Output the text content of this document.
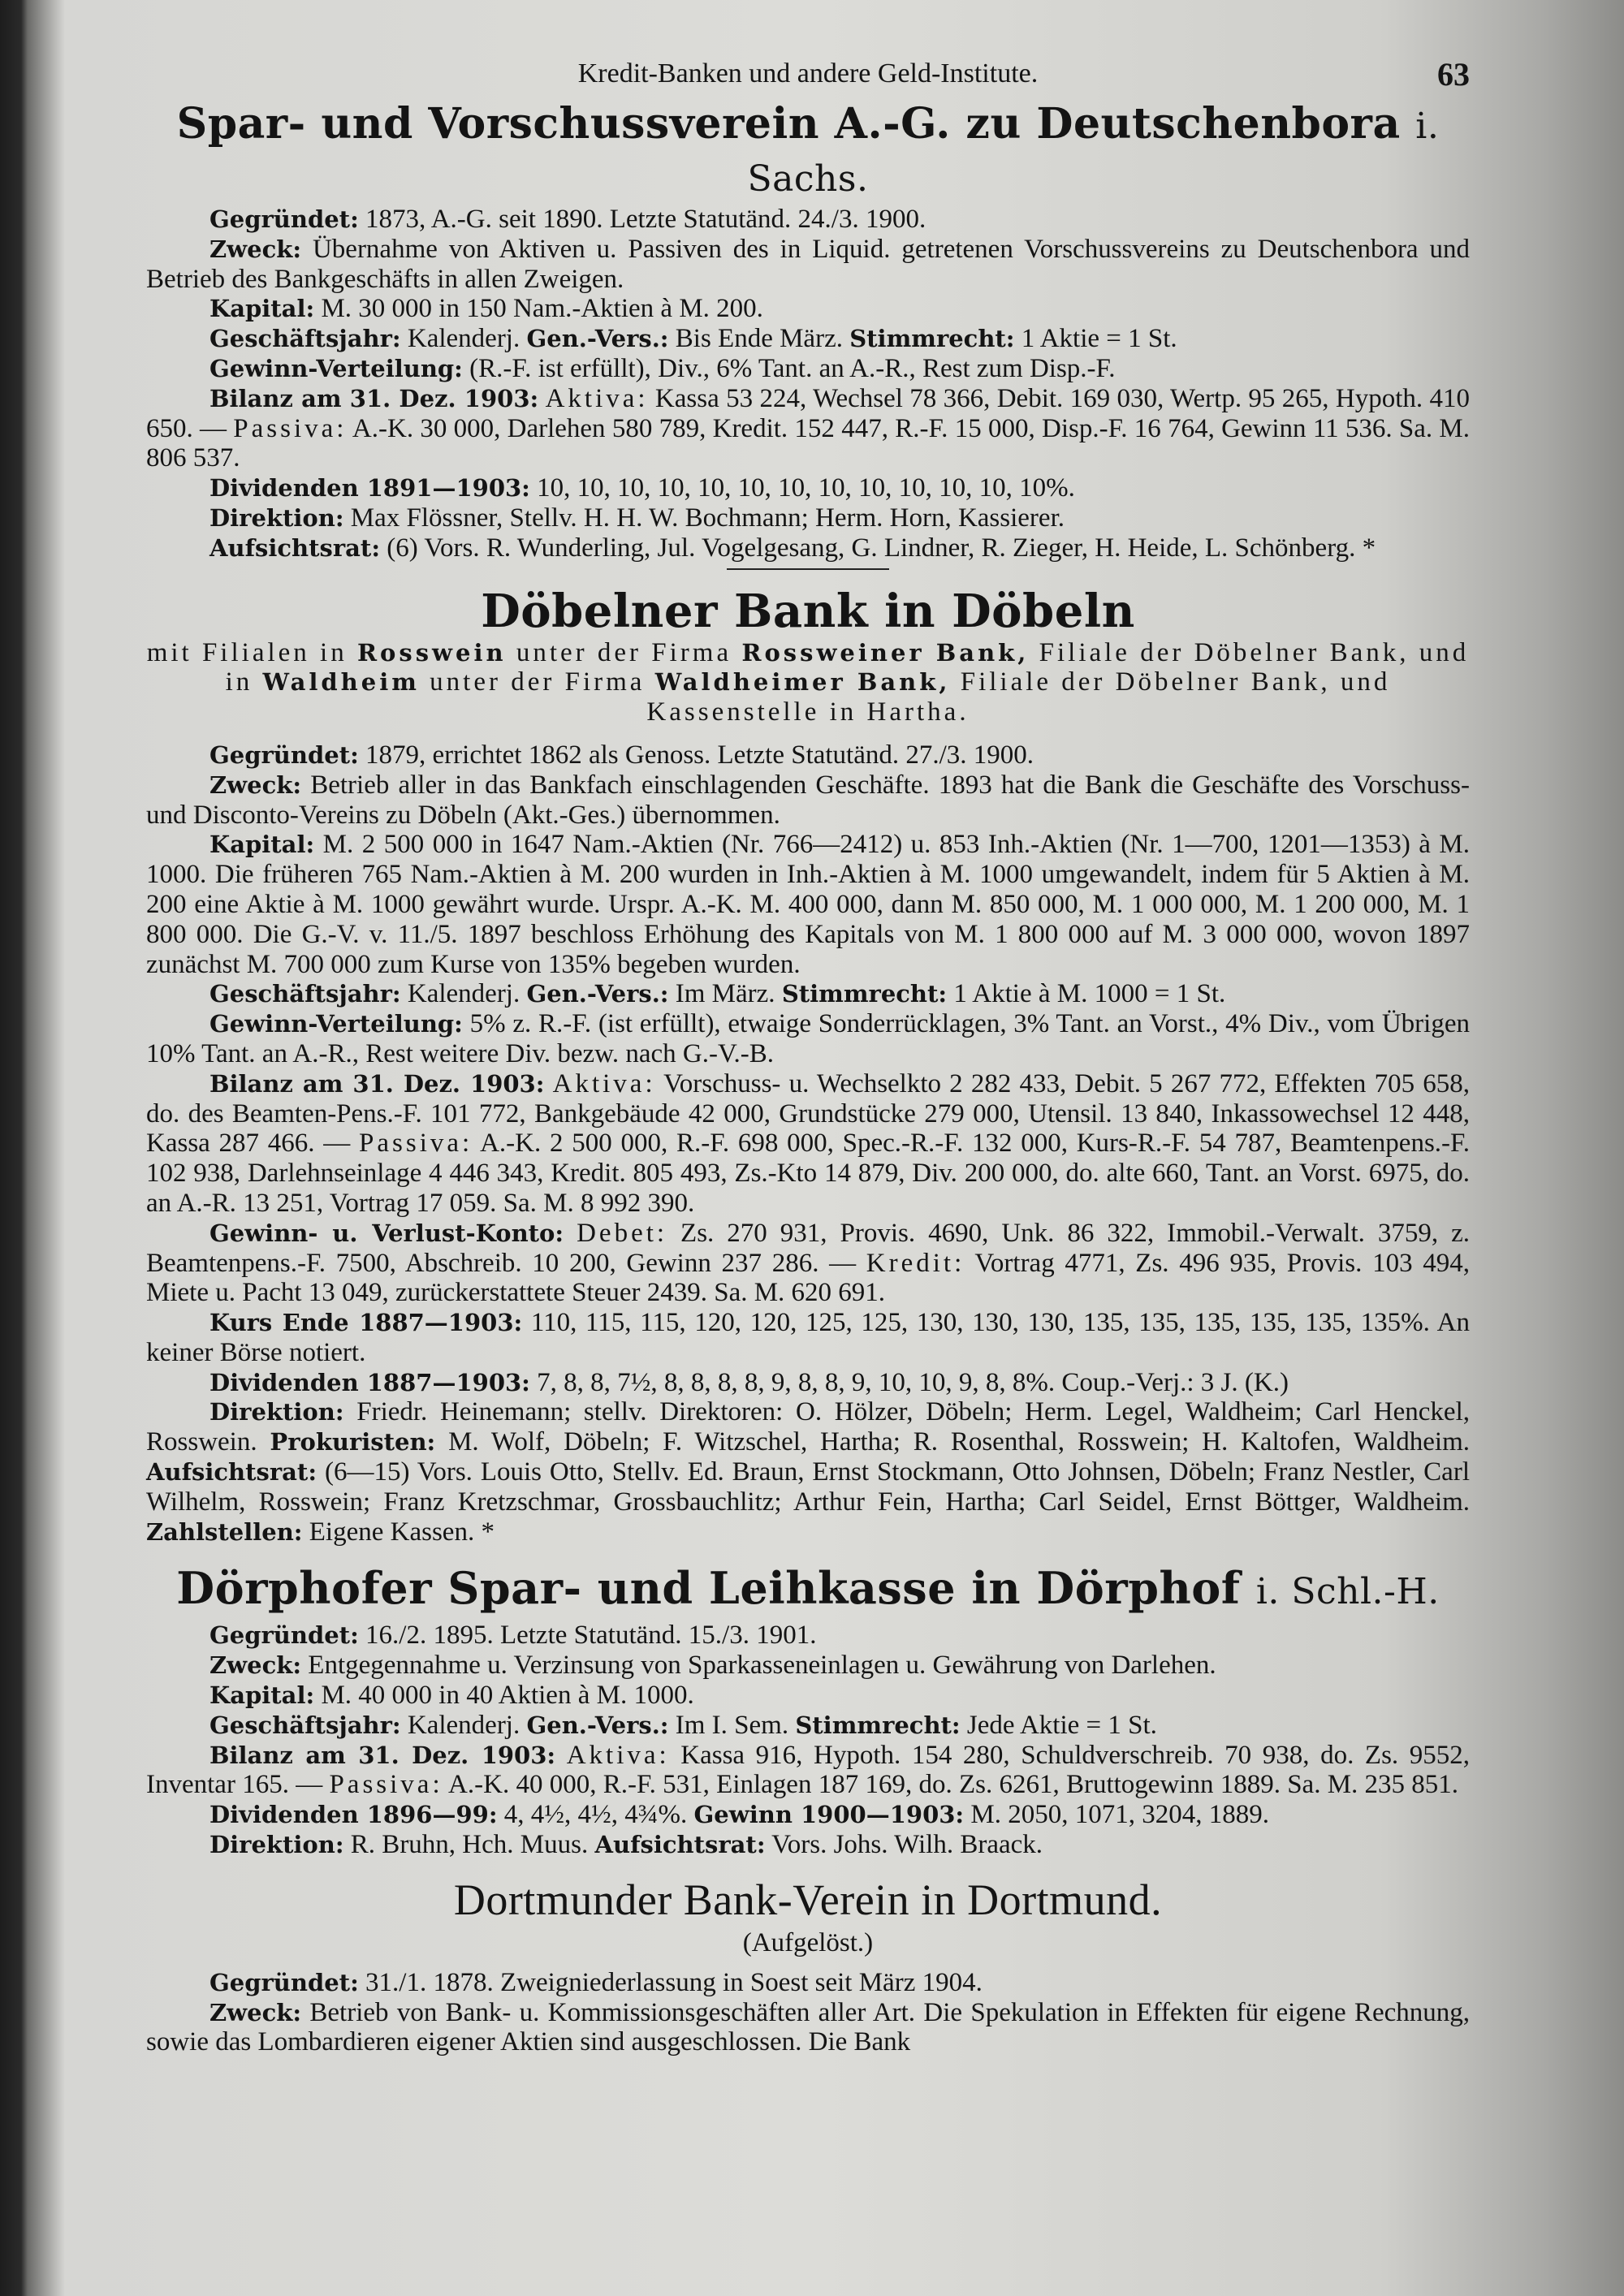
Kredit-Banken und andere Geld-Institute.	63
Spar- und Vorschussverein A.-G. zu Deutschenbora i. Sachs.

Gegründet: 1873, A.-G. seit 1890. Letzte Statutänd. 24./3. 1900.

Zweck: Übernahme von Aktiven u. Passiven des in Liquid. getretenen Vorschussvereins zu Deutschenbora und Betrieb des Bankgeschäfts in allen Zweigen.

Kapital: M. 30 000 in 150 Nam.-Aktien à M. 200.

Geschäftsjahr: Kalenderj. Gen.-Vers.: Bis Ende März. Stimmrecht: 1 Aktie = 1 St.

Gewinn-Verteilung: (R.-F. ist erfüllt), Div., 6% Tant. an A.-R., Rest zum Disp.-F.

Bilanz am 31. Dez. 1903: Aktiva: Kassa 53 224, Wechsel 78 366, Debit. 169 030, Wertp. 95 265, Hypoth. 410 650. — Passiva: A.-K. 30 000, Darlehen 580 789, Kredit. 152 447, R.-F. 15 000, Disp.-F. 16 764, Gewinn 11 536. Sa. M. 806 537.

Dividenden 1891—1903: 10, 10, 10, 10, 10, 10, 10, 10, 10, 10, 10, 10, 10%.

Direktion: Max Flössner, Stellv. H. H. W. Bochmann; Herm. Horn, Kassierer.

Aufsichtsrat: (6) Vors. R. Wunderling, Jul. Vogelgesang, G. Lindner, R. Zieger, H. Heide, L. Schönberg. *

Döbelner Bank in Döbeln

mit Filialen in Rosswein unter der Firma Rossweiner Bank, Filiale der Döbelner Bank, und in Waldheim unter der Firma Waldheimer Bank, Filiale der Döbelner Bank, und Kassenstelle in Hartha.

Gegründet: 1879, errichtet 1862 als Genoss. Letzte Statutänd. 27./3. 1900.

Zweck: Betrieb aller in das Bankfach einschlagenden Geschäfte. 1893 hat die Bank die Geschäfte des Vorschuss- und Disconto-Vereins zu Döbeln (Akt.-Ges.) übernommen.

Kapital: M. 2 500 000 in 1647 Nam.-Aktien (Nr. 766—2412) u. 853 Inh.-Aktien (Nr. 1—700, 1201—1353) à M. 1000. Die früheren 765 Nam.-Aktien à M. 200 wurden in Inh.-Aktien à M. 1000 umgewandelt, indem für 5 Aktien à M. 200 eine Aktie à M. 1000 gewährt wurde. Urspr. A.-K. M. 400 000, dann M. 850 000, M. 1 000 000, M. 1 200 000, M. 1 800 000. Die G.-V. v. 11./5. 1897 beschloss Erhöhung des Kapitals von M. 1 800 000 auf M. 3 000 000, wovon 1897 zunächst M. 700 000 zum Kurse von 135% begeben wurden.

Geschäftsjahr: Kalenderj. Gen.-Vers.: Im März. Stimmrecht: 1 Aktie à M. 1000 = 1 St.

Gewinn-Verteilung: 5% z. R.-F. (ist erfüllt), etwaige Sonderrücklagen, 3% Tant. an Vorst., 4% Div., vom Übrigen 10% Tant. an A.-R., Rest weitere Div. bezw. nach G.-V.-B.

Bilanz am 31. Dez. 1903: Aktiva: Vorschuss- u. Wechselkto 2 282 433, Debit. 5 267 772, Effekten 705 658, do. des Beamten-Pens.-F. 101 772, Bankgebäude 42 000, Grundstücke 279 000, Utensil. 13 840, Inkassowechsel 12 448, Kassa 287 466. — Passiva: A.-K. 2 500 000, R.-F. 698 000, Spec.-R.-F. 132 000, Kurs-R.-F. 54 787, Beamtenpens.-F. 102 938, Darlehnseinlage 4 446 343, Kredit. 805 493, Zs.-Kto 14 879, Div. 200 000, do. alte 660, Tant. an Vorst. 6975, do. an A.-R. 13 251, Vortrag 17 059. Sa. M. 8 992 390.

Gewinn- u. Verlust-Konto: Debet: Zs. 270 931, Provis. 4690, Unk. 86 322, Immobil.-Verwalt. 3759, z. Beamtenpens.-F. 7500, Abschreib. 10 200, Gewinn 237 286. — Kredit: Vortrag 4771, Zs. 496 935, Provis. 103 494, Miete u. Pacht 13 049, zurückerstattete Steuer 2439. Sa. M. 620 691.

Kurs Ende 1887—1903: 110, 115, 115, 120, 120, 125, 125, 130, 130, 130, 135, 135, 135, 135, 135, 135%. An keiner Börse notiert.

Dividenden 1887—1903: 7, 8, 8, 7½, 8, 8, 8, 8, 9, 8, 8, 9, 10, 10, 9, 8, 8%. Coup.-Verj.: 3 J. (K.)

Direktion: Friedr. Heinemann; stellv. Direktoren: O. Hölzer, Döbeln; Herm. Legel, Waldheim; Carl Henckel, Rosswein. Prokuristen: M. Wolf, Döbeln; F. Witzschel, Hartha; R. Rosenthal, Rosswein; H. Kaltofen, Waldheim. Aufsichtsrat: (6—15) Vors. Louis Otto, Stellv. Ed. Braun, Ernst Stockmann, Otto Johnsen, Döbeln; Franz Nestler, Carl Wilhelm, Rosswein; Franz Kretzschmar, Grossbauchlitz; Arthur Fein, Hartha; Carl Seidel, Ernst Böttger, Waldheim. Zahlstellen: Eigene Kassen. *

Dörphofer Spar- und Leihkasse in Dörphof i. Schl.-H.

Gegründet: 16./2. 1895. Letzte Statutänd. 15./3. 1901.

Zweck: Entgegennahme u. Verzinsung von Sparkasseneinlagen u. Gewährung von Darlehen.

Kapital: M. 40 000 in 40 Aktien à M. 1000.

Geschäftsjahr: Kalenderj. Gen.-Vers.: Im I. Sem. Stimmrecht: Jede Aktie = 1 St.

Bilanz am 31. Dez. 1903: Aktiva: Kassa 916, Hypoth. 154 280, Schuldverschreib. 70 938, do. Zs. 9552, Inventar 165. — Passiva: A.-K. 40 000, R.-F. 531, Einlagen 187 169, do. Zs. 6261, Bruttogewinn 1889. Sa. M. 235 851.

Dividenden 1896—99: 4, 4½, 4½, 4¾%. Gewinn 1900—1903: M. 2050, 1071, 3204, 1889.

Direktion: R. Bruhn, Hch. Muus. Aufsichtsrat: Vors. Johs. Wilh. Braack.

Dortmunder Bank-Verein in Dortmund.
(Aufgelöst.)

Gegründet: 31./1. 1878. Zweigniederlassung in Soest seit März 1904.

Zweck: Betrieb von Bank- u. Kommissionsgeschäften aller Art. Die Spekulation in Effekten für eigene Rechnung, sowie das Lombardieren eigener Aktien sind ausgeschlossen. Die Bank
